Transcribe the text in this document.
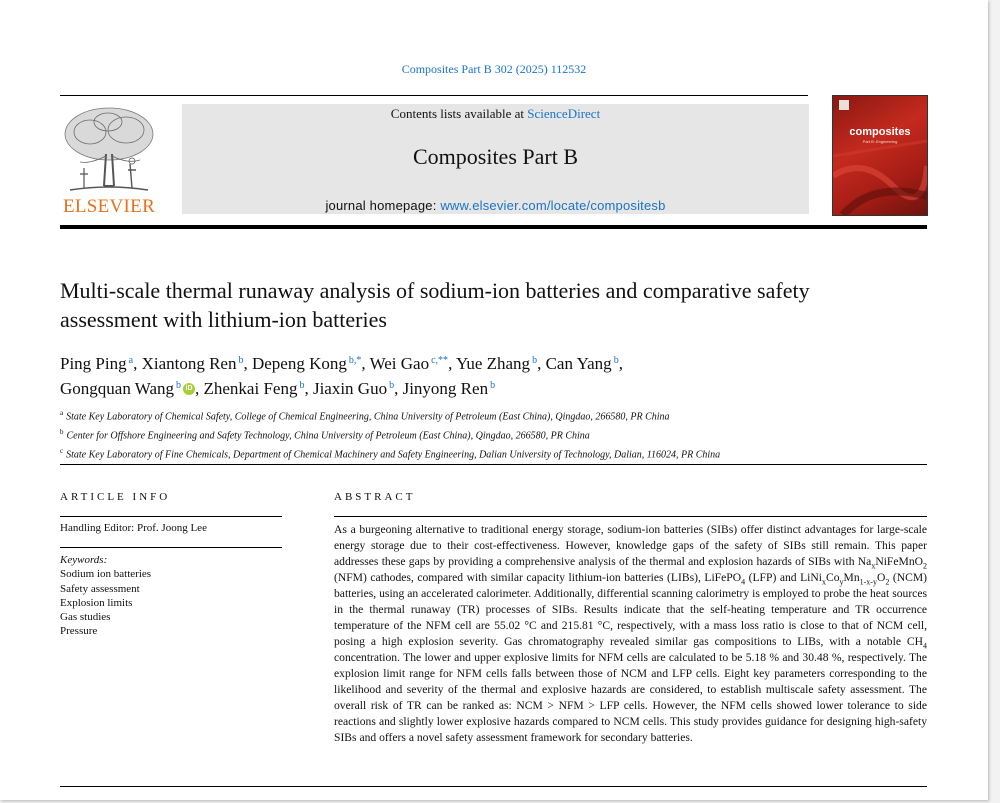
Composites Part B 302 (2025) 112532
ELSEVIER
Contents lists available at ScienceDirect
Composites Part B
journal homepage: www.elsevier.com/locate/compositesb
composites
Part B: Engineering
Multi-scale thermal runaway analysis of sodium-ion batteries and comparative safety assessment with lithium-ion batteries
Ping Ping $^a$, Xiantong Ren $^b$, Depeng Kong $^{b,*}$, Wei Gao $^{c,**}$, Yue Zhang $^b$, Can Yang $^b$,
Gongquan Wang $^b$iD , Zhenkai Feng $^b$, Jiaxin Guo $^b$, Jinyong Ren $^b$
$^a$ State Key Laboratory of Chemical Safety, College of Chemical Engineering, China University of Petroleum (East China), Qingdao, 266580, PR China
$^b$ Center for Offshore Engineering and Safety Technology, China University of Petroleum (East China), Qingdao, 266580, PR China
$^c$ State Key Laboratory of Fine Chemicals, Department of Chemical Machinery and Safety Engineering, Dalian University of Technology, Dalian, 116024, PR China
ARTICLE INFO	ABSTRACT
Handling Editor: Prof. Joong Lee
Keywords:
Sodium ion batteries
Safety assessment
Explosion limits
Gas studies
Pressure

As a burgeoning alternative to traditional energy storage, sodium-ion batteries (SIBs) offer distinct advantages for large-scale energy storage due to their cost-effectiveness. However, knowledge gaps of the safety of SIBs still remain. This paper addresses these gaps by providing a comprehensive analysis of the thermal and explosion hazards of SIBs with $Na_xNiFeMnO_2$ (NFM) cathodes, compared with similar capacity lithium-ion batteries (LIBs), LiFePO$_4$ (LFP) and $LiNi_xCo_yMn_{1-x-y}O_2$ (NCM) batteries, using an accelerated calorimeter. Additionally, differential scanning calorimetry is employed to probe the heat sources in the thermal runaway (TR) processes of SIBs. Results indicate that the self-heating temperature and TR occurrence temperature of the NFM cell are 55.02 °C and 215.81 °C, respectively, with a mass loss ratio is close to that of NCM cell, posing a high explosion severity. Gas chromatography revealed similar gas compositions to LIBs, with a notable $CH_4$ concentration. The lower and upper explosive limits for NFM cells are calculated to be 5.18 % and 30.48 %, respectively. The explosion limit range for NFM cells falls between those of NCM and LFP cells. Eight key parameters corresponding to the likelihood and severity of the thermal and explosive hazards are considered, to establish multiscale safety assessment. The overall risk of TR can be ranked as: NCM > NFM > LFP cells. However, the NFM cells showed lower tolerance to side reactions and slightly lower explosive hazards compared to NCM cells. This study provides guidance for designing high-safety SIBs and offers a novel safety assessment framework for secondary batteries.
